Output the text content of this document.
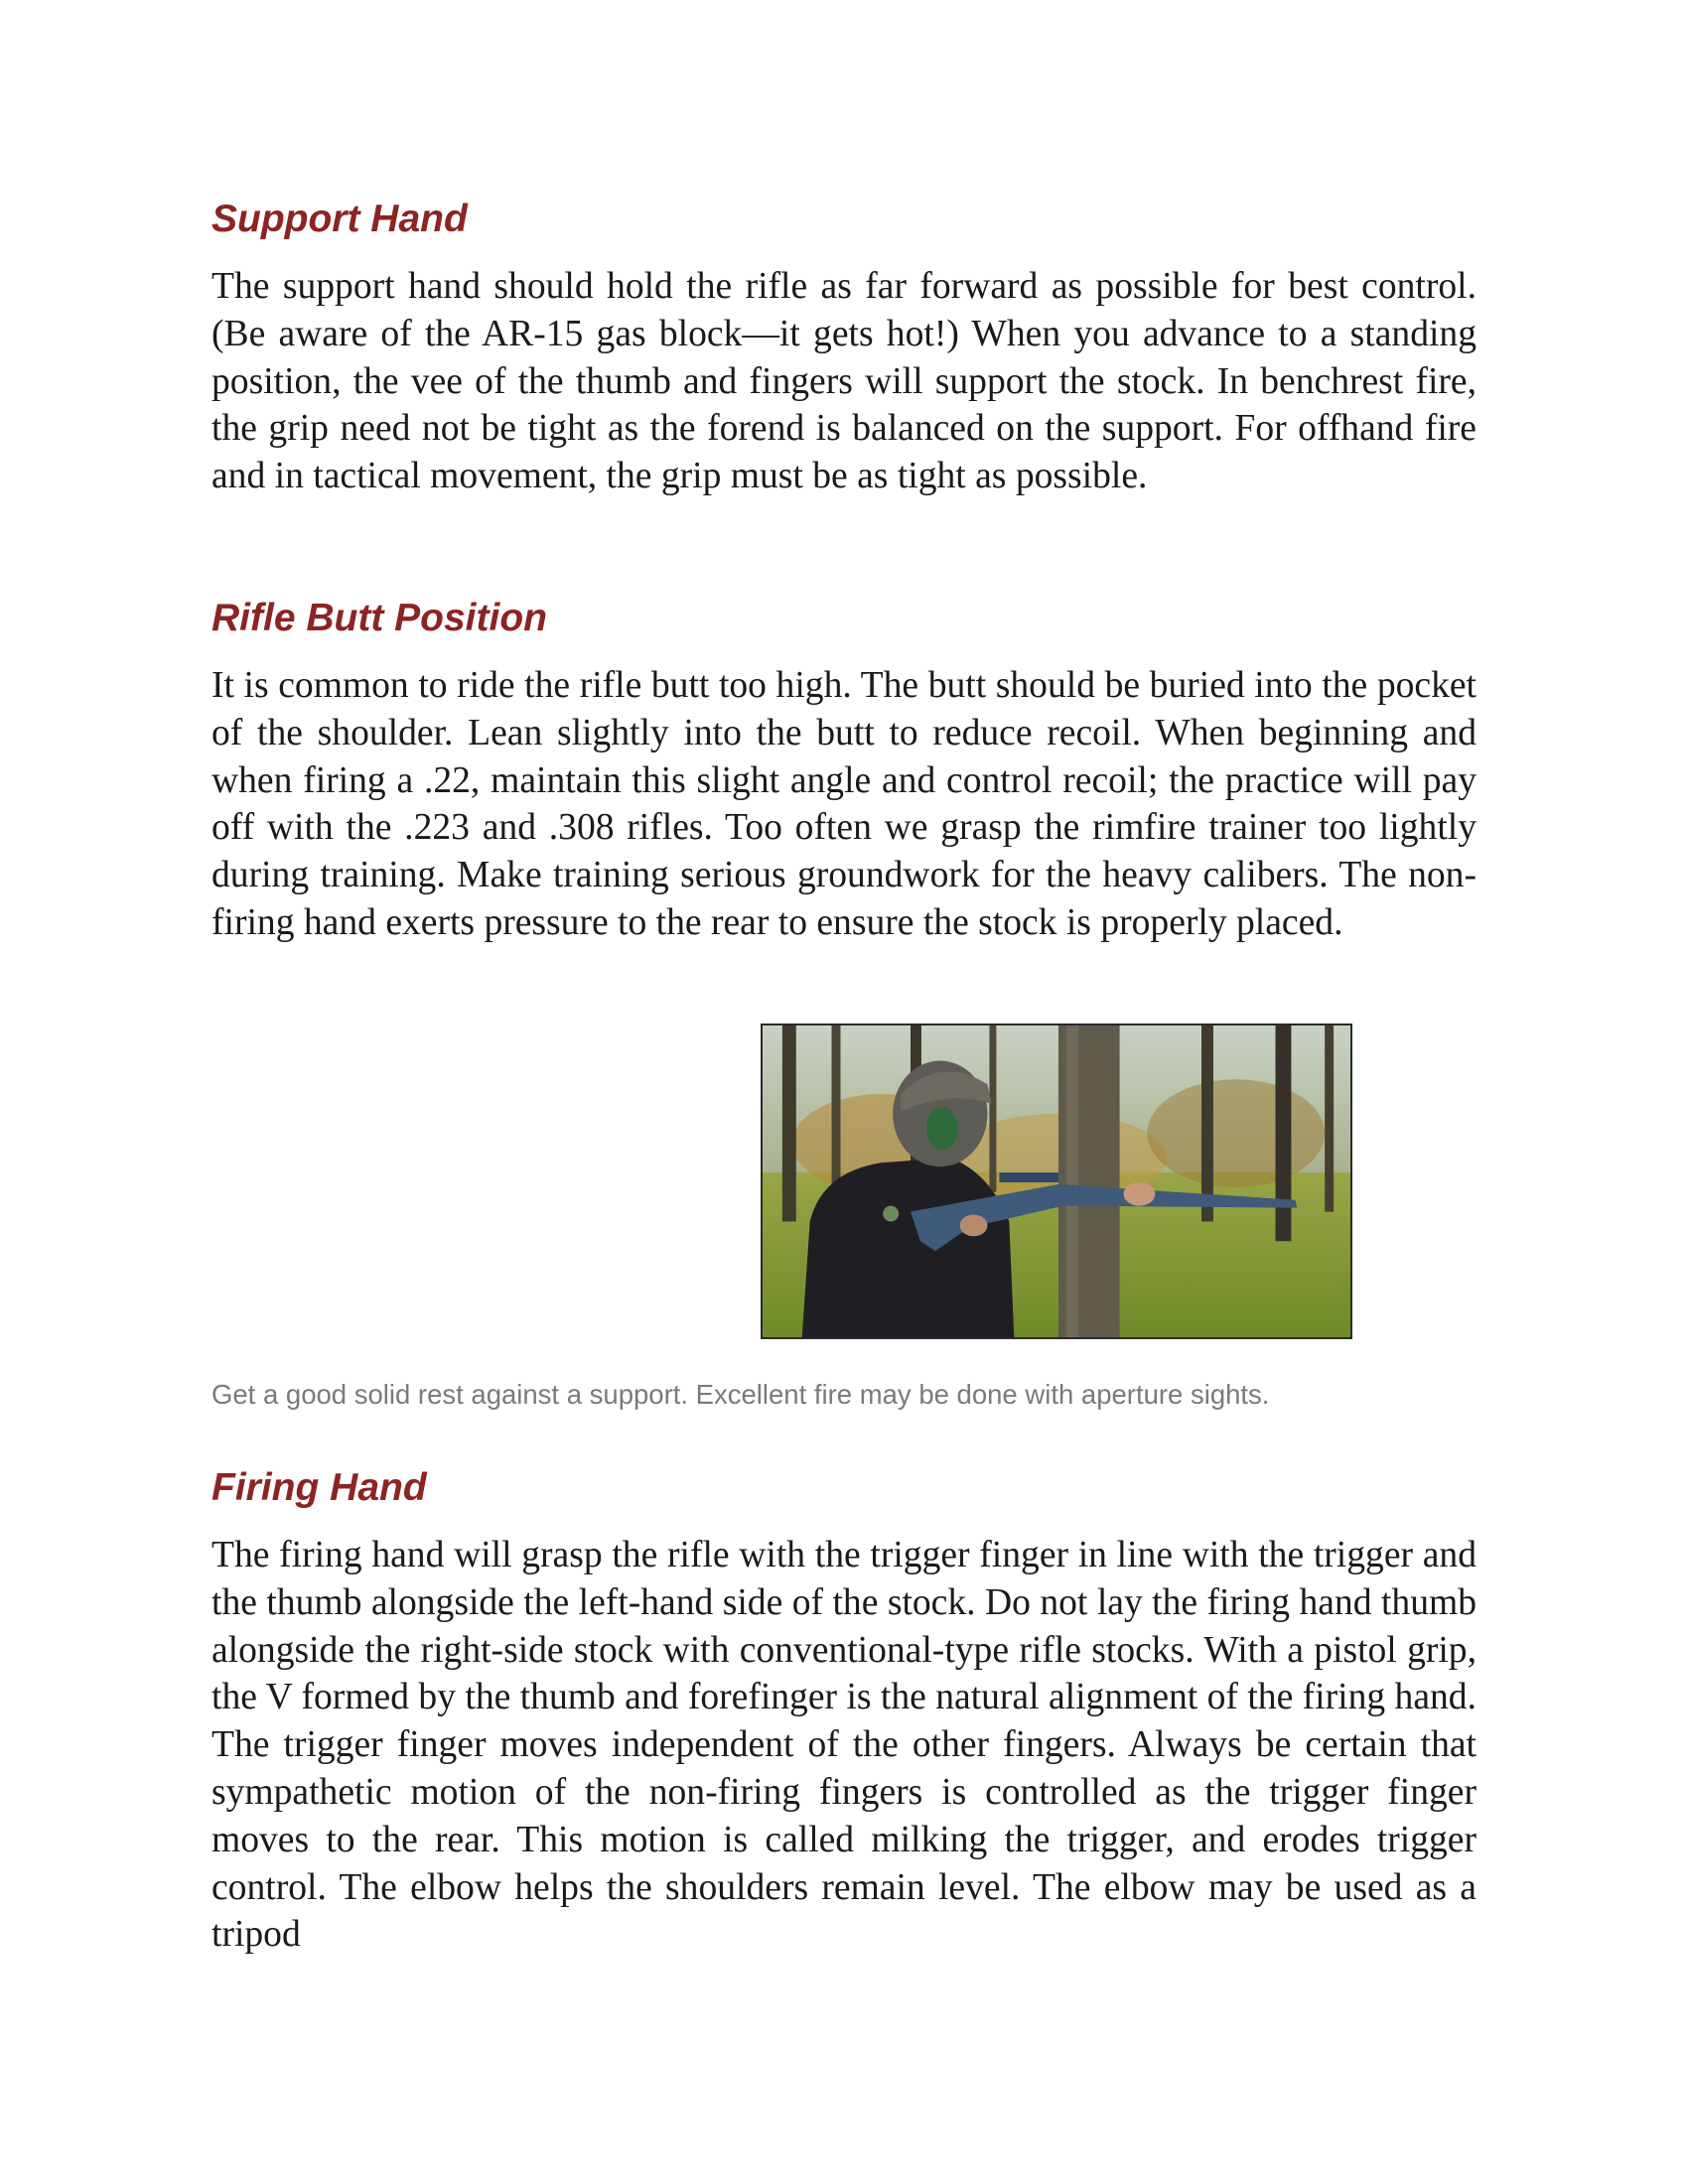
Support Hand

The support hand should hold the rifle as far forward as possible for best control. (Be aware of the AR-15 gas block—it gets hot!) When you advance to a standing position, the vee of the thumb and fingers will support the stock. In benchrest fire, the grip need not be tight as the forend is balanced on the support. For offhand fire and in tactical movement, the grip must be as tight as possible.

Rifle Butt Position

It is common to ride the rifle butt too high. The butt should be buried into the pocket of the shoulder. Lean slightly into the butt to reduce recoil. When beginning and when firing a .22, maintain this slight angle and control recoil; the practice will pay off with the .223 and .308 rifles. Too often we grasp the rimfire trainer too lightly during training. Make training serious groundwork for the heavy calibers. The non-firing hand exerts pressure to the rear to ensure the stock is properly placed.

Get a good solid rest against a support. Excellent fire may be done with aperture sights.

Firing Hand

The firing hand will grasp the rifle with the trigger finger in line with the trigger and the thumb alongside the left-hand side of the stock. Do not lay the firing hand thumb alongside the right-side stock with conventional-type rifle stocks. With a pistol grip, the V formed by the thumb and forefinger is the natural alignment of the firing hand. The trigger finger moves independent of the other fingers. Always be certain that sympathetic motion of the non-firing fingers is controlled as the trigger finger moves to the rear. This motion is called milking the trigger, and erodes trigger control. The elbow helps the shoulders remain level. The elbow may be used as a tripod
